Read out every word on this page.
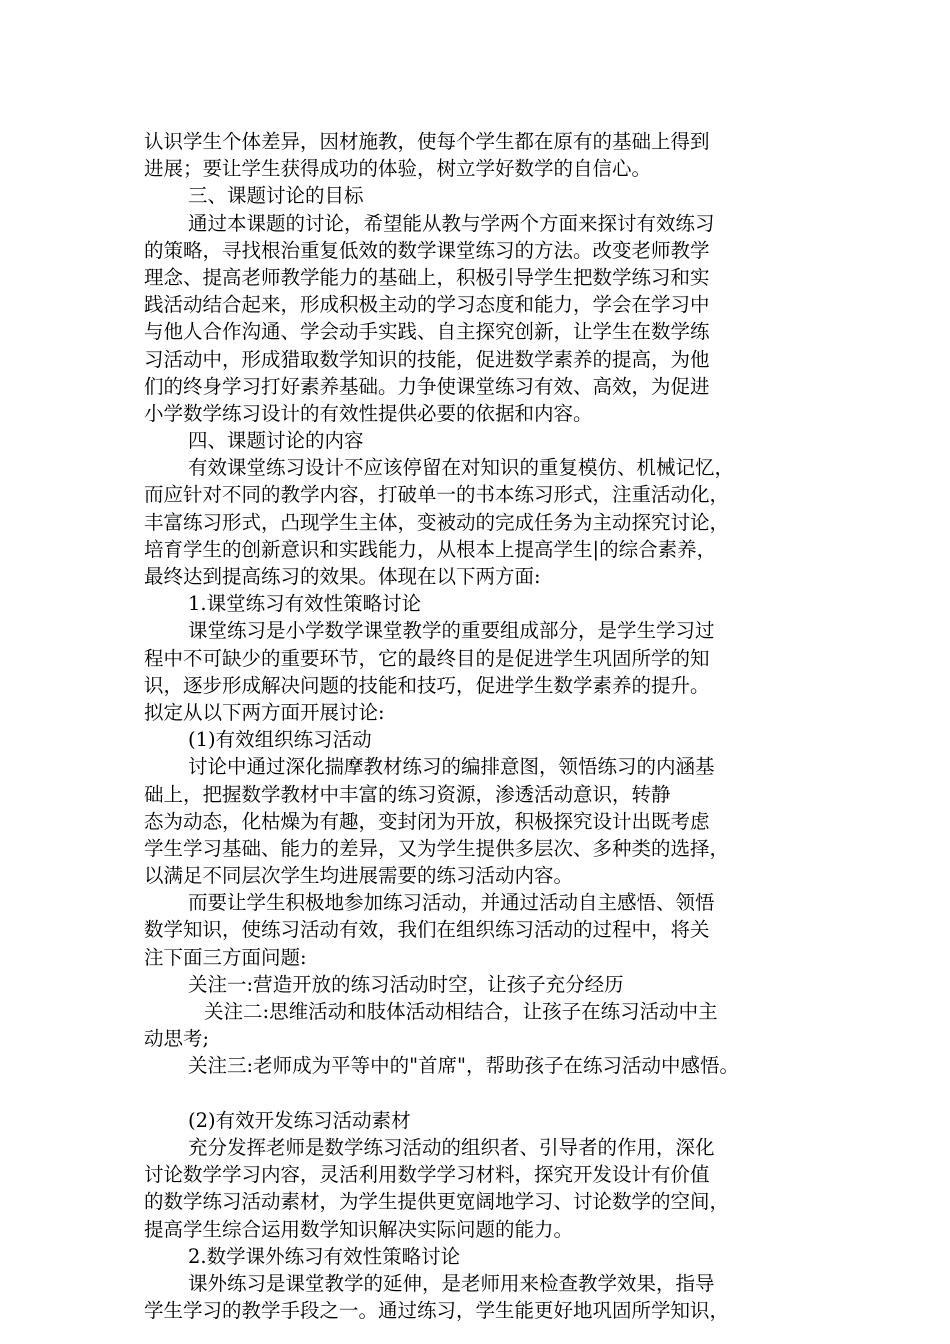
认识学生个体差异，因材施教，使每个学生都在原有的基础上得到
进展；要让学生获得成功的体验，树立学好数学的自信心。
三、课题讨论的目标
通过本课题的讨论，希望能从教与学两个方面来探讨有效练习
的策略，寻找根治重复低效的数学课堂练习的方法。改变老师教学
理念、提高老师教学能力的基础上，积极引导学生把数学练习和实
践活动结合起来，形成积极主动的学习态度和能力，学会在学习中
与他人合作沟通、学会动手实践、自主探究创新，让学生在数学练
习活动中，形成猎取数学知识的技能，促进数学素养的提高，为他
们的终身学习打好素养基础。力争使课堂练习有效、高效，为促进
小学数学练习设计的有效性提供必要的依据和内容。
四、课题讨论的内容
有效课堂练习设计不应该停留在对知识的重复模仿、机械记忆，
而应针对不同的教学内容，打破单一的书本练习形式，注重活动化，
丰富练习形式，凸现学生主体，变被动的完成任务为主动探究讨论，
培育学生的创新意识和实践能力，从根本上提高学生|的综合素养，
最终达到提高练习的效果。体现在以下两方面:
1.课堂练习有效性策略讨论
课堂练习是小学数学课堂教学的重要组成部分，是学生学习过
程中不可缺少的重要环节，它的最终目的是促进学生巩固所学的知
识，逐步形成解决问题的技能和技巧，促进学生数学素养的提升。
拟定从以下两方面开展讨论:
(1)有效组织练习活动
讨论中通过深化揣摩教材练习的编排意图，领悟练习的内涵基
础上，把握数学教材中丰富的练习资源，渗透活动意识，转静
态为动态，化枯燥为有趣，变封闭为开放，积极探究设计出既考虑
学生学习基础、能力的差异，又为学生提供多层次、多种类的选择，
以满足不同层次学生均进展需要的练习活动内容。
而要让学生积极地参加练习活动，并通过活动自主感悟、领悟
数学知识，使练习活动有效，我们在组织练习活动的过程中，将关
注下面三方面问题:
关注一:营造开放的练习活动时空，让孩子充分经历
关注二:思维活动和肢体活动相结合，让孩子在练习活动中主
动思考;
关注三:老师成为平等中的"首席"，帮助孩子在练习活动中感悟。
(2)有效开发练习活动素材
充分发挥老师是数学练习活动的组织者、引导者的作用，深化
讨论数学学习内容，灵活利用数学学习材料，探究开发设计有价值
的数学练习活动素材，为学生提供更宽阔地学习、讨论数学的空间，
提高学生综合运用数学知识解决实际问题的能力。
2.数学课外练习有效性策略讨论
课外练习是课堂教学的延伸，是老师用来检查教学效果，指导
学生学习的教学手段之一。通过练习，学生能更好地巩固所学知识，
